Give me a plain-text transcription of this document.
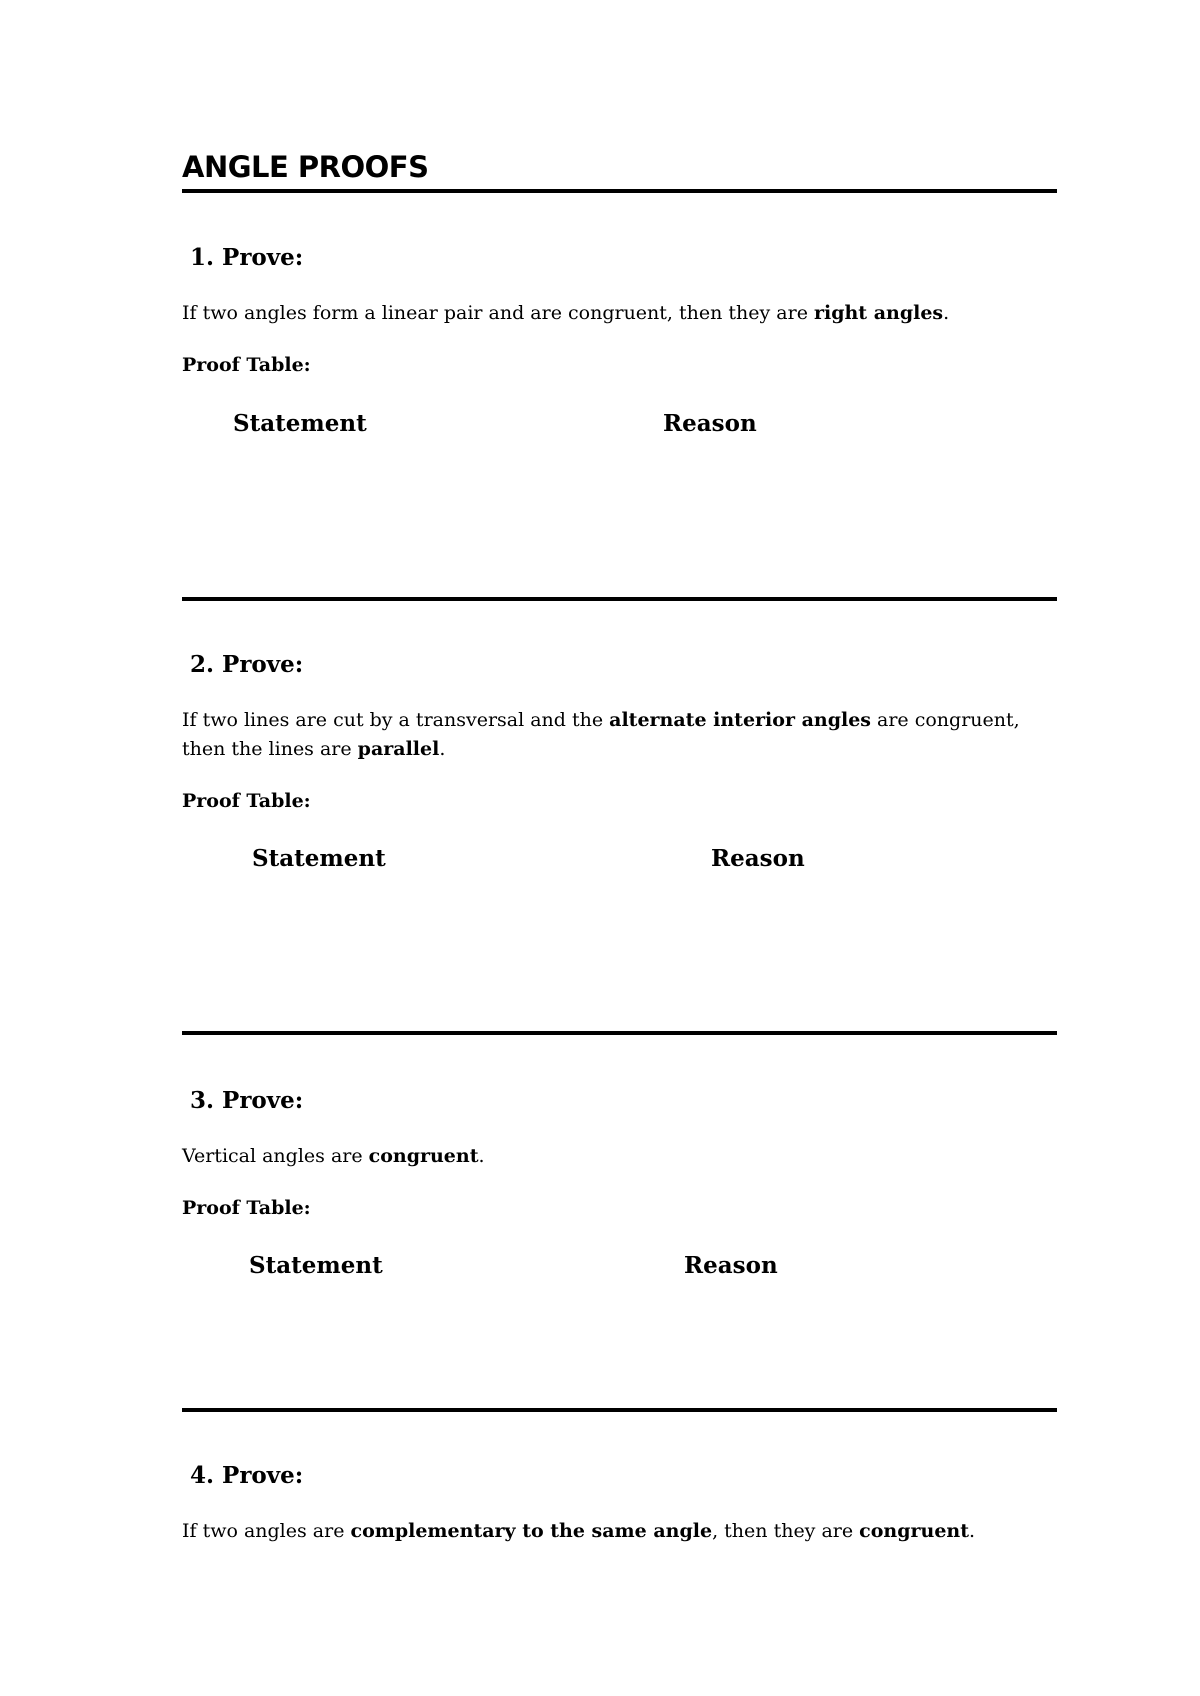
ANGLE PROOFS
1. Prove:

If two angles form a linear pair and are congruent, then they are right angles.

Proof Table:

Statement	Reason

2. Prove:

If two lines are cut by a transversal and the alternate interior angles are congruent, then the lines are parallel.

Proof Table:

Statement	Reason

3. Prove:

Vertical angles are congruent.

Proof Table:

Statement	Reason

4. Prove:

If two angles are complementary to the same angle, then they are congruent.
